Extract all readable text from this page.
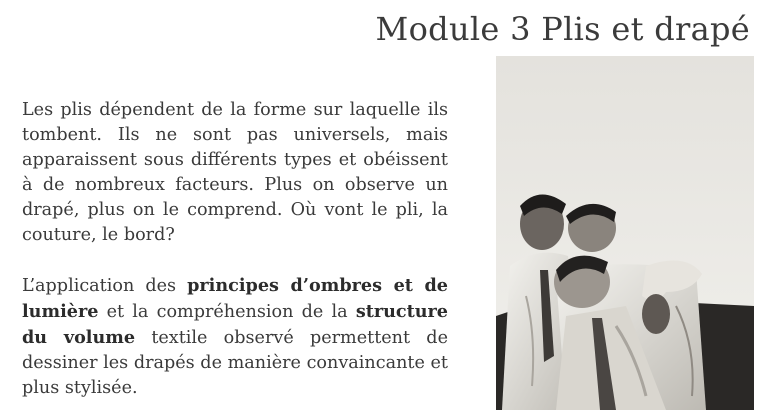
Module 3 Plis et drapé

Les plis dépendent de la forme sur laquelle ils tombent. Ils ne sont pas universels, mais apparaissent sous différents types et obéissent à de nombreux facteurs. Plus on observe un drapé, plus on le comprend. Où vont le pli, la couture, le bord?

L’application des principes d’ombres et de lumière et la compréhension de la structure du volume textile observé permettent de dessiner les drapés de manière convaincante et plus stylisée.
